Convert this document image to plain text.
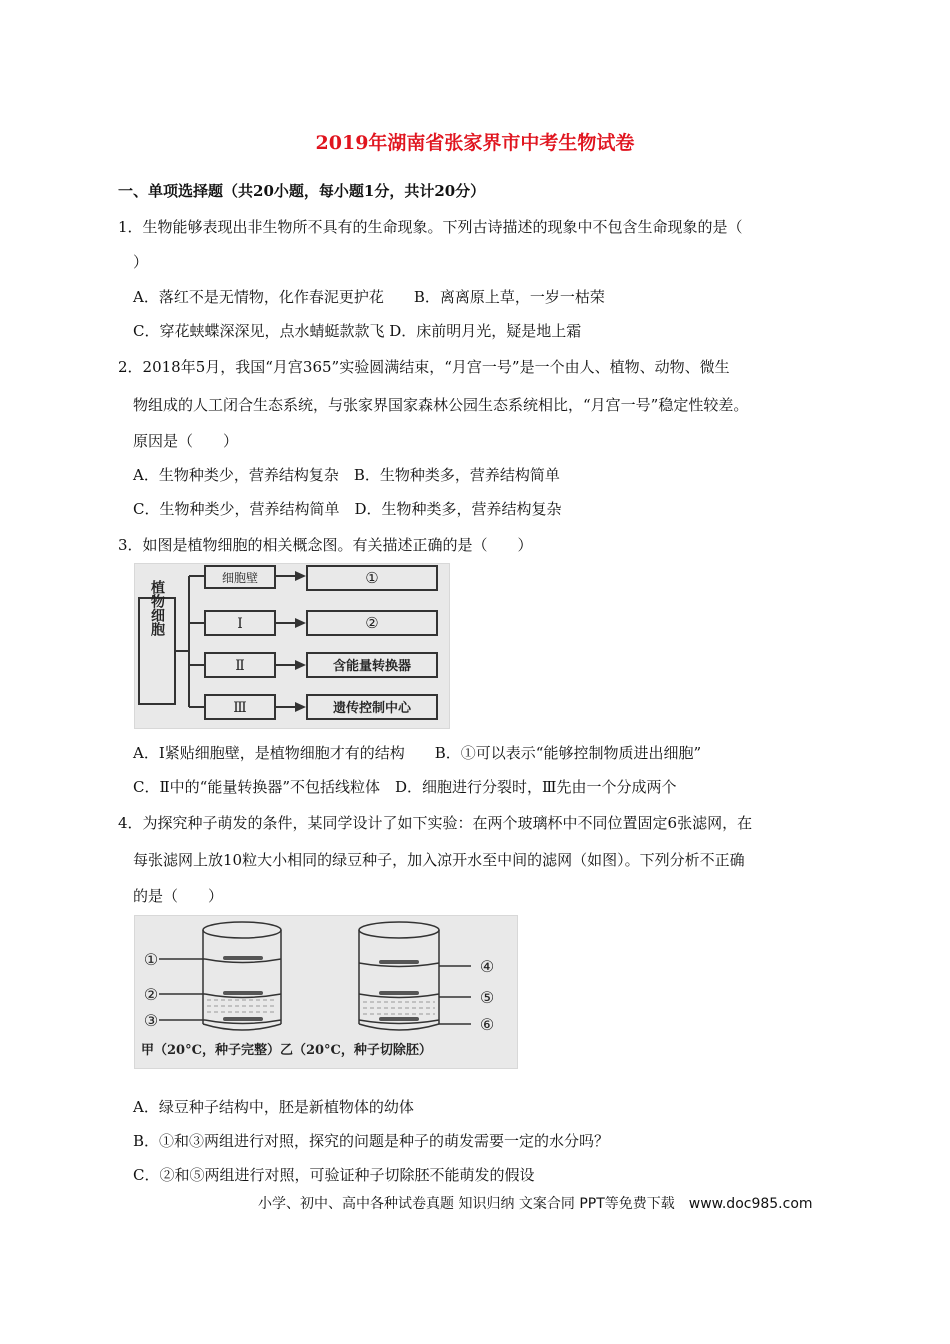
2019年湖南省张家界市中考生物试卷
一、单项选择题（共20小题，每小题1分，共计20分）
1．生物能够表现出非生物所不具有的生命现象。下列古诗描述的现象中不包含生命现象的是（
）
A．落红不是无情物，化作春泥更护花　　B．离离原上草，一岁一枯荣
C．穿花蛱蝶深深见，点水蜻蜓款款飞 D．床前明月光，疑是地上霜
2．2018年5月，我国“月宫365”实验圆满结束，“月宫一号”是一个由人、植物、动物、微生
物组成的人工闭合生态系统，与张家界国家森林公园生态系统相比，“月宫一号”稳定性较差。
原因是（　　）
A．生物种类少，营养结构复杂　B．生物种类多，营养结构简单
C．生物种类少，营养结构简单　D．生物种类多，营养结构复杂
3．如图是植物细胞的相关概念图。有关描述正确的是（　　）
植物细胞
细胞壁
Ⅰ
Ⅱ
Ⅲ
①
②
含能量转换器
遗传控制中心
A．Ⅰ紧贴细胞壁，是植物细胞才有的结构　　B．①可以表示“能够控制物质进出细胞”
C．Ⅱ中的“能量转换器”不包括线粒体　D．细胞进行分裂时，Ⅲ先由一个分成两个
4．为探究种子萌发的条件，某同学设计了如下实验：在两个玻璃杯中不同位置固定6张滤网，在
每张滤网上放10粒大小相同的绿豆种子，加入凉开水至中间的滤网（如图）。下列分析不正确
的是（　　）
①
②
③
④
⑤
⑥
甲（20°C，种子完整）乙（20°C，种子切除胚）
A．绿豆种子结构中，胚是新植物体的幼体
B．①和③两组进行对照，探究的问题是种子的萌发需要一定的水分吗？
C．②和⑤两组进行对照，可验证种子切除胚不能萌发的假设
小学、初中、高中各种试卷真题 知识归纳 文案合同 PPT等免费下载　www.doc985.com
